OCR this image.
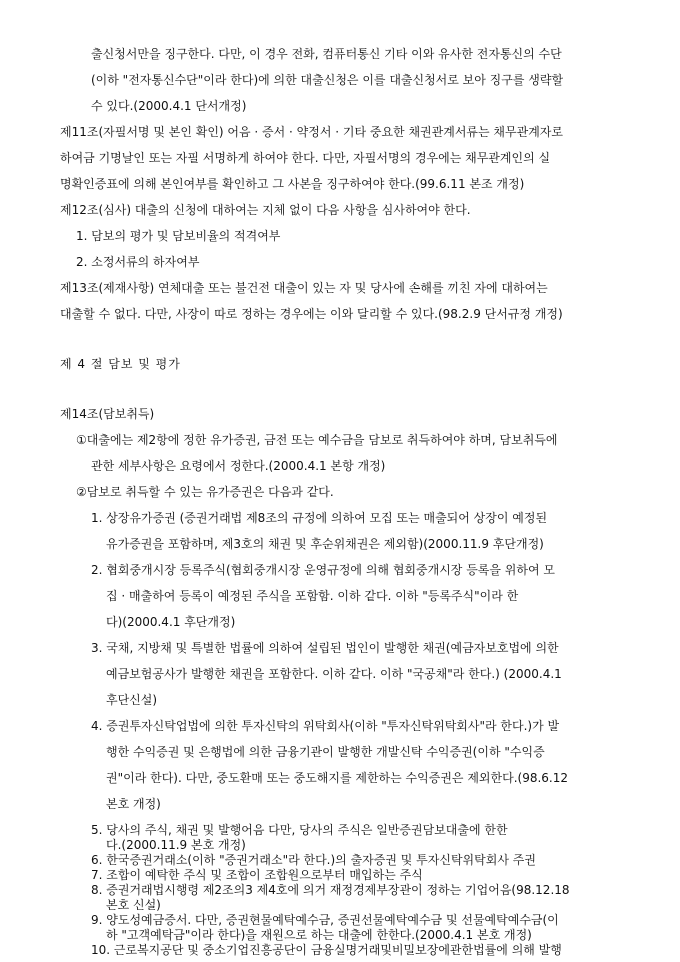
출신청서만을 징구한다. 다만, 이 경우 전화, 컴퓨터통신 기타 이와 유사한 전자통신의 수단
(이하 "전자통신수단"이라 한다)에 의한 대출신청은 이를 대출신청서로 보아 징구를 생략할
수 있다.(2000.4.1 단서개정)
제11조(자필서명 및 본인 확인) 어음 · 증서 · 약정서 · 기타 중요한 채권관계서류는 채무관계자로
하여금 기명날인 또는 자필 서명하게 하여야 한다. 다만, 자필서명의 경우에는 채무관계인의 실
명확인증표에 의해 본인여부를 확인하고 그 사본을 징구하여야 한다.(99.6.11 본조 개정)
제12조(심사) 대출의 신청에 대하여는 지체 없이 다음 사항을 심사하여야 한다.
1. 담보의 평가 및 담보비율의 적격여부
2. 소정서류의 하자여부
제13조(제재사항) 연체대출 또는 불건전 대출이 있는 자 및 당사에 손해를 끼친 자에 대하여는
대출할 수 없다. 다만, 사장이 따로 정하는 경우에는 이와 달리할 수 있다.(98.2.9 단서규정 개정)
제 4 절 담보 및 평가
제14조(담보취득)
①대출에는 제2항에 정한 유가증권, 금전 또는 예수금을 담보로 취득하여야 하며, 담보취득에
관한 세부사항은 요령에서 정한다.(2000.4.1 본항 개정)
②담보로 취득할 수 있는 유가증권은 다음과 같다.
1. 상장유가증권 (증권거래법 제8조의 규정에 의하여 모집 또는 매출되어 상장이 예정된
유가증권을 포함하며, 제3호의 채권 및 후순위채권은 제외함)(2000.11.9 후단개정)
2. 협회중개시장 등록주식(협회중개시장 운영규정에 의해 협회중개시장 등록을 위하여 모
집 · 매출하여 등록이 예정된 주식을 포함함. 이하 같다. 이하 "등록주식"이라 한
다)(2000.4.1 후단개정)
3. 국채, 지방채 및 특별한 법률에 의하여 설립된 법인이 발행한 채권(예금자보호법에 의한
예금보험공사가 발행한 채권을 포함한다. 이하 같다. 이하 "국공채"라 한다.) (2000.4.1
후단신설)
4. 증권투자신탁업법에 의한 투자신탁의 위탁회사(이하 "투자신탁위탁회사"라 한다.)가 발
행한 수익증권 및 은행법에 의한 금융기관이 발행한 개발신탁 수익증권(이하 "수익증
권"이라 한다). 다만, 중도환매 또는 중도해지를 제한하는 수익증권은 제외한다.(98.6.12
본호 개정)
5. 당사의 주식, 채권 및 발행어음 다만, 당사의 주식은 일반증권담보대출에 한한
다.(2000.11.9 본호 개정)
6. 한국증권거래소(이하 "증권거래소"라 한다.)의 출자증권 및 투자신탁위탁회사 주권
7. 조합이 예탁한 주식 및 조합이 조합원으로부터 매입하는 주식
8. 증권거래법시행령 제2조의3 제4호에 의거 재정경제부장관이 정하는 기업어음(98.12.18
본호 신설)
9. 양도성예금증서. 다만, 증권현물예탁예수금, 증권선물예탁예수금 및 선물예탁예수금(이
하 "고객예탁금"이라 한다)을 재원으로 하는 대출에 한한다.(2000.4.1 본호 개정)
10. 근로복지공단 및 중소기업진흥공단이 금융실명거래및비밀보장에관한법률에 의해 발행
